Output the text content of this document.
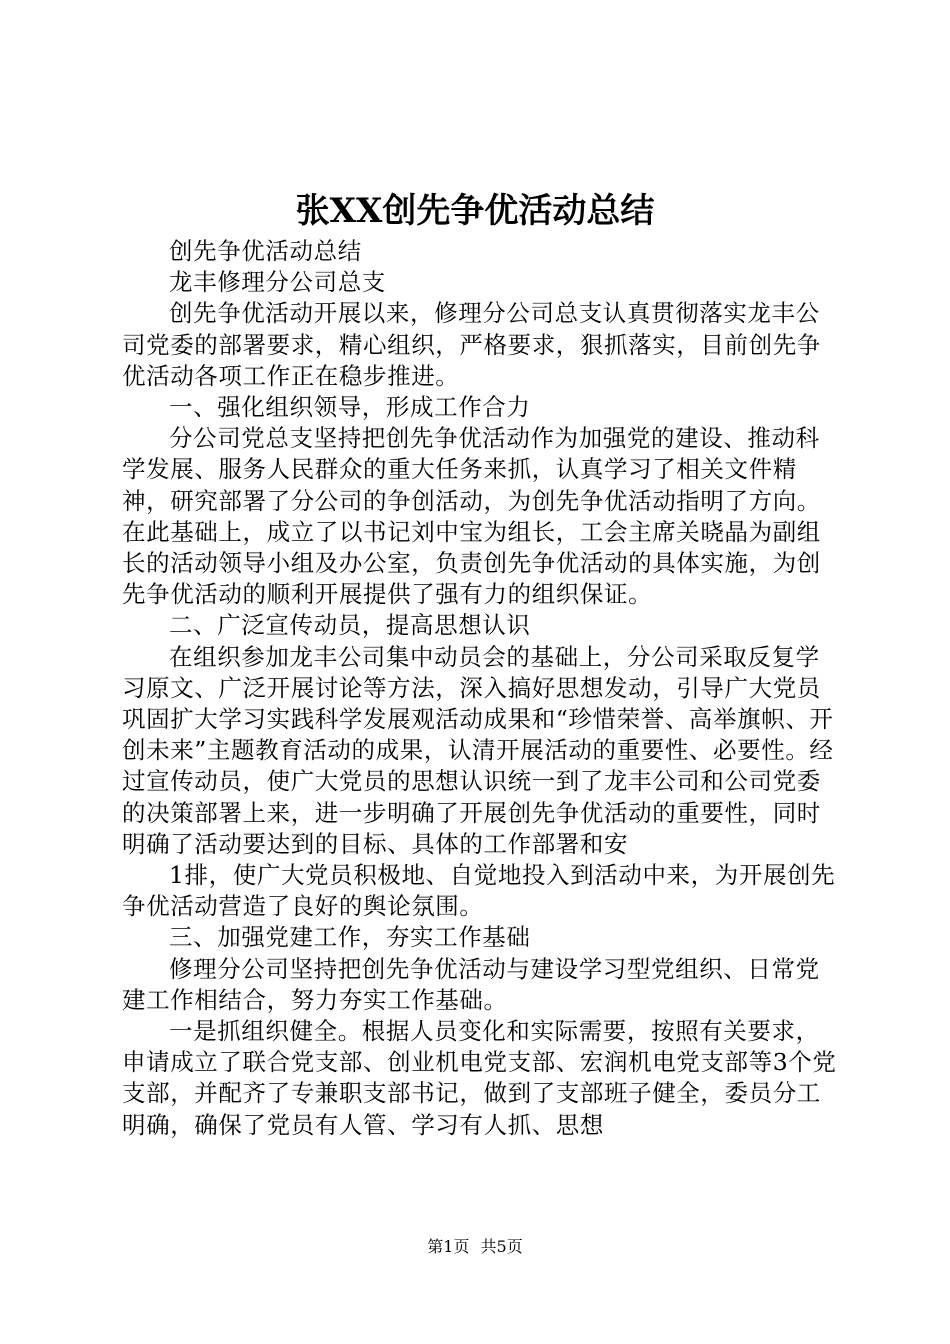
张XX创先争优活动总结

创先争优活动总结

龙丰修理分公司总支

创先争优活动开展以来，修理分公司总支认真贯彻落实龙丰公司党委的部署要求，精心组织，严格要求，狠抓落实，目前创先争优活动各项工作正在稳步推进。

一、强化组织领导，形成工作合力

分公司党总支坚持把创先争优活动作为加强党的建设、推动科学发展、服务人民群众的重大任务来抓，认真学习了相关文件精神，研究部署了分公司的争创活动，为创先争优活动指明了方向。在此基础上，成立了以书记刘中宝为组长，工会主席关晓晶为副组长的活动领导小组及办公室，负责创先争优活动的具体实施，为创先争优活动的顺利开展提供了强有力的组织保证。

二、广泛宣传动员，提高思想认识

在组织参加龙丰公司集中动员会的基础上，分公司采取反复学习原文、广泛开展讨论等方法，深入搞好思想发动，引导广大党员巩固扩大学习实践科学发展观活动成果和“珍惜荣誉、高举旗帜、开创未来”主题教育活动的成果，认清开展活动的重要性、必要性。经过宣传动员，使广大党员的思想认识统一到了龙丰公司和公司党委的决策部署上来，进一步明确了开展创先争优活动的重要性，同时明确了活动要达到的目标、具体的工作部署和安

1排，使广大党员积极地、自觉地投入到活动中来，为开展创先争优活动营造了良好的舆论氛围。

三、加强党建工作，夯实工作基础

修理分公司坚持把创先争优活动与建设学习型党组织、日常党建工作相结合，努力夯实工作基础。

一是抓组织健全。根据人员变化和实际需要，按照有关要求，申请成立了联合党支部、创业机电党支部、宏润机电党支部等3个党支部，并配齐了专兼职支部书记，做到了支部班子健全，委员分工明确，确保了党员有人管、学习有人抓、思想

第1页 共5页
